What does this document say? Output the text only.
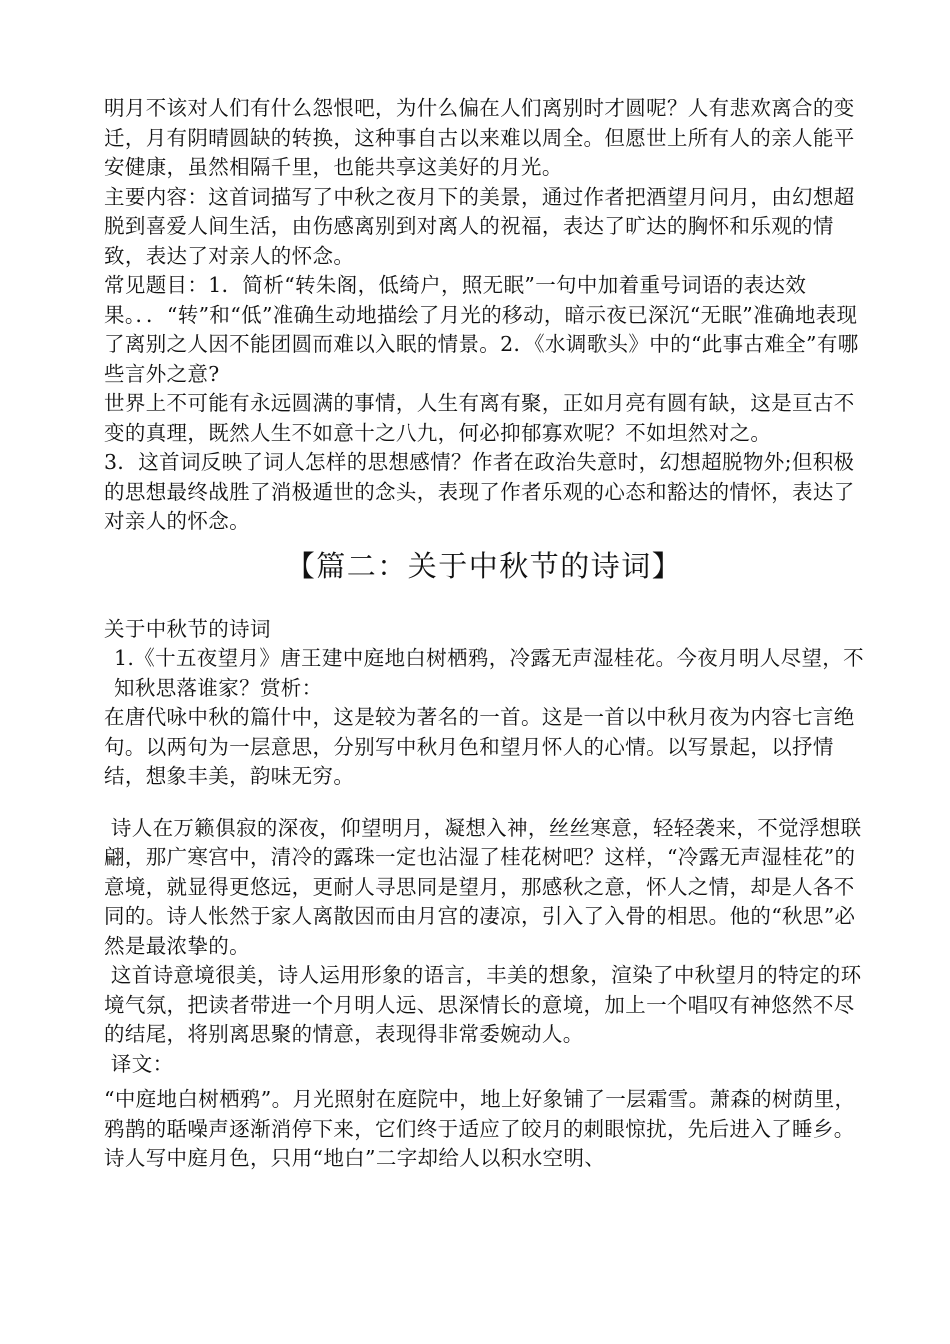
明月不该对人们有什么怨恨吧，为什么偏在人们离别时才圆呢？人有悲欢离合的变迁，月有阴晴圆缺的转换，这种事自古以来难以周全。但愿世上所有人的亲人能平安健康，虽然相隔千里，也能共享这美好的月光。

主要内容：这首词描写了中秋之夜月下的美景，通过作者把酒望月问月，由幻想超脱到喜爱人间生活，由伤感离别到对离人的祝福，表达了旷达的胸怀和乐观的情致，表达了对亲人的怀念。

常见题目：1．简析“转朱阁，低绮户，照无眠”一句中加着重号词语的表达效果。．．“转”和“低”准确生动地描绘了月光的移动，暗示夜已深沉“无眠”准确地表现了离别之人因不能团圆而难以入眠的情景。2．《水调歌头》中的“此事古难全”有哪些言外之意?

世界上不可能有永远圆满的事情，人生有离有聚，正如月亮有圆有缺，这是亘古不变的真理，既然人生不如意十之八九，何必抑郁寡欢呢？不如坦然对之。

3．这首词反映了词人怎样的思想感情？作者在政治失意时，幻想超脱物外;但积极的思想最终战胜了消极遁世的念头，表现了作者乐观的心态和豁达的情怀，表达了对亲人的怀念。

【篇二：关于中秋节的诗词】

关于中秋节的诗词

1.《十五夜望月》唐王建中庭地白树栖鸦，冷露无声湿桂花。今夜月明人尽望，不知秋思落谁家？赏析：

在唐代咏中秋的篇什中，这是较为著名的一首。这是一首以中秋月夜为内容七言绝句。以两句为一层意思，分别写中秋月色和望月怀人的心情。以写景起，以抒情结，想象丰美，韵味无穷。

诗人在万籁俱寂的深夜，仰望明月，凝想入神，丝丝寒意，轻轻袭来，不觉浮想联翩，那广寒宫中，清冷的露珠一定也沾湿了桂花树吧？这样，“冷露无声湿桂花”的意境，就显得更悠远，更耐人寻思同是望月，那感秋之意，怀人之情，却是人各不同的。诗人怅然于家人离散因而由月宫的凄凉，引入了入骨的相思。他的“秋思”必然是最浓挚的。

这首诗意境很美，诗人运用形象的语言，丰美的想象，渲染了中秋望月的特定的环境气氛，把读者带进一个月明人远、思深情长的意境，加上一个唱叹有神悠然不尽的结尾，将别离思聚的情意，表现得非常委婉动人。

译文：

“中庭地白树栖鸦”。月光照射在庭院中，地上好象铺了一层霜雪。萧森的树荫里，鸦鹊的聒噪声逐渐消停下来，它们终于适应了皎月的刺眼惊扰，先后进入了睡乡。诗人写中庭月色，只用“地白”二字却给人以积水空明、
